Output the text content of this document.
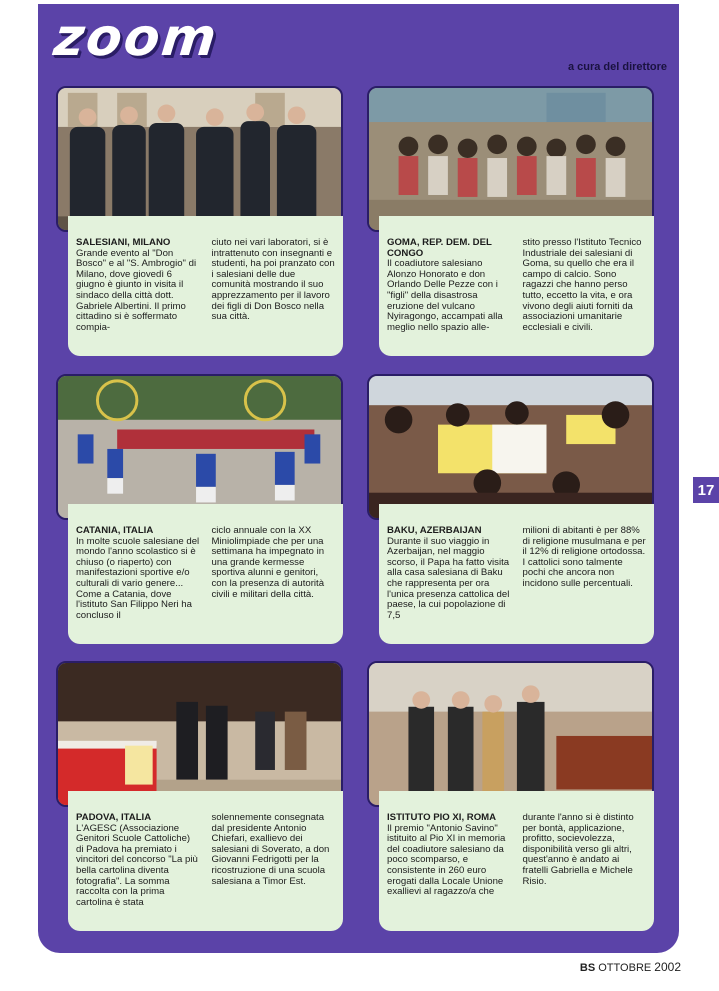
zoom	a cura del direttore
SALESIANI, MILANO
Grande evento al "Don Bosco" e al "S. Ambrogio" di Milano, dove giovedì 6 giugno è giunto in visita il sindaco della città dott. Gabriele Albertini. Il primo cittadino si è soffermato compia-
ciuto nei vari laboratori, si è intrattenuto con insegnanti e studenti, ha poi pranzato con i salesiani delle due comunità mostrando il suo apprezzamento per il lavoro dei figli di Don Bosco nella sua città.
GOMA, REP. DEM. DEL CONGO
Il coadiutore salesiano Alonzo Honorato e don Orlando Delle Pezze con i "figli" della disastrosa eruzione del vulcano Nyiragongo, accampati alla meglio nello spazio alle-
stito presso l'Istituto Tecnico Industriale dei salesiani di Goma, su quello che era il campo di calcio. Sono ragazzi che hanno perso tutto, eccetto la vita, e ora vivono degli aiuti forniti da associazioni umanitarie ecclesiali e civili.
CATANIA, ITALIA
In molte scuole salesiane del mondo l'anno scolastico si è chiuso (o riaperto) con manifestazioni sportive e/o culturali di vario genere... Come a Catania, dove l'istituto San Filippo Neri ha concluso il
ciclo annuale con la XX Miniolimpiade che per una settimana ha impegnato in una grande kermesse sportiva alunni e genitori, con la presenza di autorità civili e militari della città.
BAKU, AZERBAIJAN
Durante il suo viaggio in Azerbaijan, nel maggio scorso, il Papa ha fatto visita alla casa salesiana di Baku che rappresenta per ora l'unica presenza cattolica del paese, la cui popolazione di 7,5
milioni di abitanti è per 88% di religione musulmana e per il 12% di religione ortodossa. I cattolici sono talmente pochi che ancora non incidono sulle percentuali.
PADOVA, ITALIA
L'AGESC (Associazione Genitori Scuole Cattoliche) di Padova ha premiato i vincitori del concorso "La più bella cartolina diventa fotografia". La somma raccolta con la prima cartolina è stata
solennemente consegnata dal presidente Antonio Chiefari, exallievo dei salesiani di Soverato, a don Giovanni Fedrigotti per la ricostruzione di una scuola salesiana a Timor Est.
ISTITUTO PIO XI, ROMA
Il premio "Antonio Savino" istituito al Pio XI in memoria del coadiutore salesiano da poco scomparso, e consistente in 260 euro erogati dalla Locale Unione exallievi al ragazzo/a che
durante l'anno si è distinto per bontà, applicazione, profitto, socievolezza, disponibilità verso gli altri, quest'anno è andato ai fratelli Gabriella e Michele Risio.
17
BS OTTOBRE 2002
